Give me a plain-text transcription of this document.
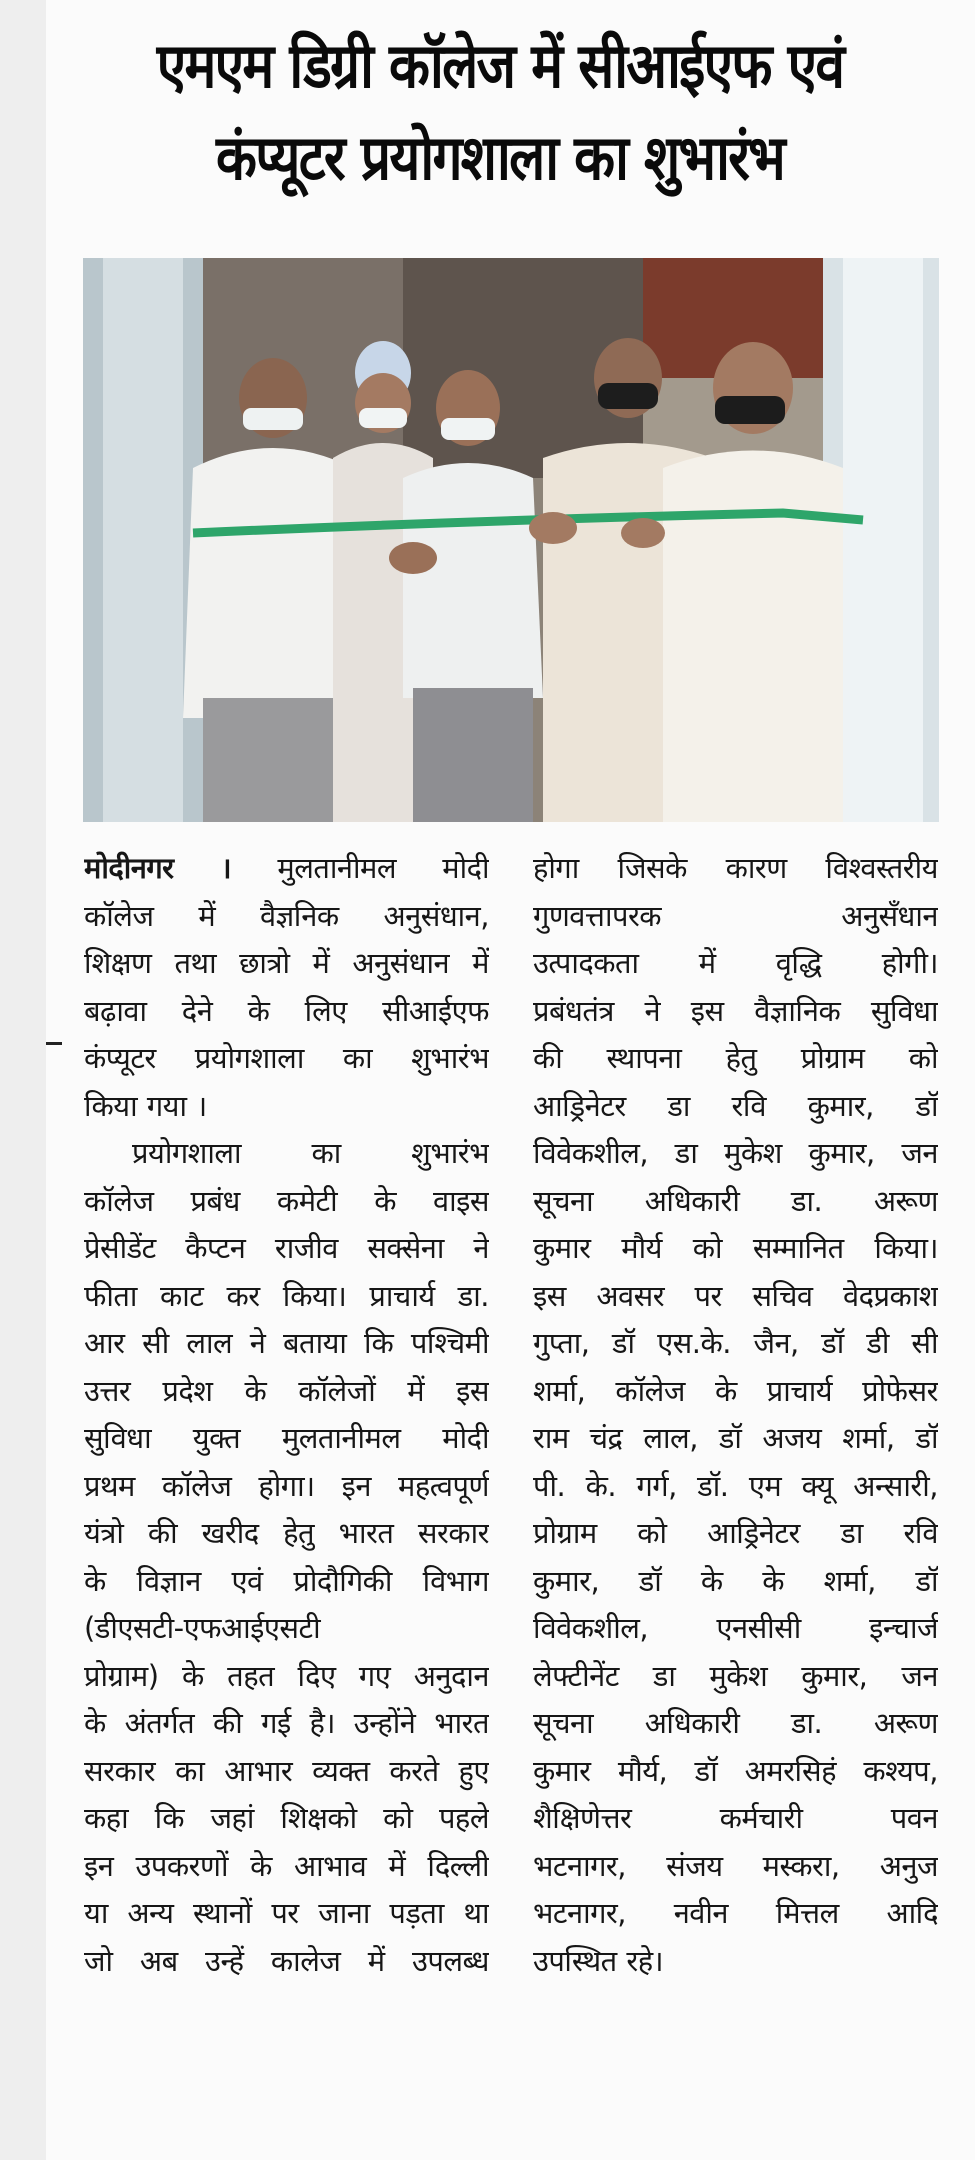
एमएम डिग्री कॉलेज में सीआईएफ एवं
कंप्यूटर प्रयोगशाला का शुभारंभ
मोदीनगर । मुलतानीमल मोदी
कॉलेज में वैज्ञनिक अनुसंधान,
शिक्षण तथा छात्रो में अनुसंधान में
बढ़ावा देने के लिए सीआईएफ
कंप्यूटर प्रयोगशाला का शुभारंभ
किया गया ।
प्रयोगशाला का शुभारंभ
कॉलेज प्रबंध कमेटी के वाइस
प्रेसीडेंट कैप्टन राजीव सक्सेना ने
फीता काट कर किया। प्राचार्य डा.
आर सी लाल ने बताया कि पश्चिमी
उत्तर प्रदेश के कॉलेजों में इस
सुविधा युक्त मुलतानीमल मोदी
प्रथम कॉलेज होगा। इन महत्वपूर्ण
यंत्रो की खरीद हेतु भारत सरकार
के विज्ञान एवं प्रोदौगिकी विभाग
(डीएसटी-एफआईएसटी
प्रोग्राम) के तहत दिए गए अनुदान
के अंतर्गत की गई है। उन्होंने भारत
सरकार का आभार व्यक्त करते हुए
कहा कि जहां शिक्षको को पहले
इन उपकरणों के आभाव में दिल्ली
या अन्य स्थानों पर जाना पड़ता था
जो अब उन्हें कालेज में उपलब्ध
होगा जिसके कारण विश्वस्तरीय
गुणवत्तापरक अनुसँधान
उत्पादकता में वृद्धि होगी।
प्रबंधतंत्र ने इस वैज्ञानिक सुविधा
की स्थापना हेतु प्रोग्राम को
आड्रिनेटर डा रवि कुमार, डॉ
विवेकशील, डा मुकेश कुमार, जन
सूचना अधिकारी डा. अरूण
कुमार मौर्य को सम्मानित किया।
इस अवसर पर सचिव वेदप्रकाश
गुप्ता, डॉ एस.के. जैन, डॉ डी सी
शर्मा, कॉलेज के प्राचार्य प्रोफेसर
राम चंद्र लाल, डॉ अजय शर्मा, डॉ
पी. के. गर्ग, डॉ. एम क्यू अन्सारी,
प्रोग्राम को आड्रिनेटर डा रवि
कुमार, डॉ के के शर्मा, डॉ
विवेकशील, एनसीसी इन्चार्ज
लेफ्टीनेंट डा मुकेश कुमार, जन
सूचना अधिकारी डा. अरूण
कुमार मौर्य, डॉ अमरसिहं कश्यप,
शैक्षिणेत्तर कर्मचारी पवन
भटनागर, संजय मस्करा, अनुज
भटनागर, नवीन मित्तल आदि
उपस्थित रहे।
